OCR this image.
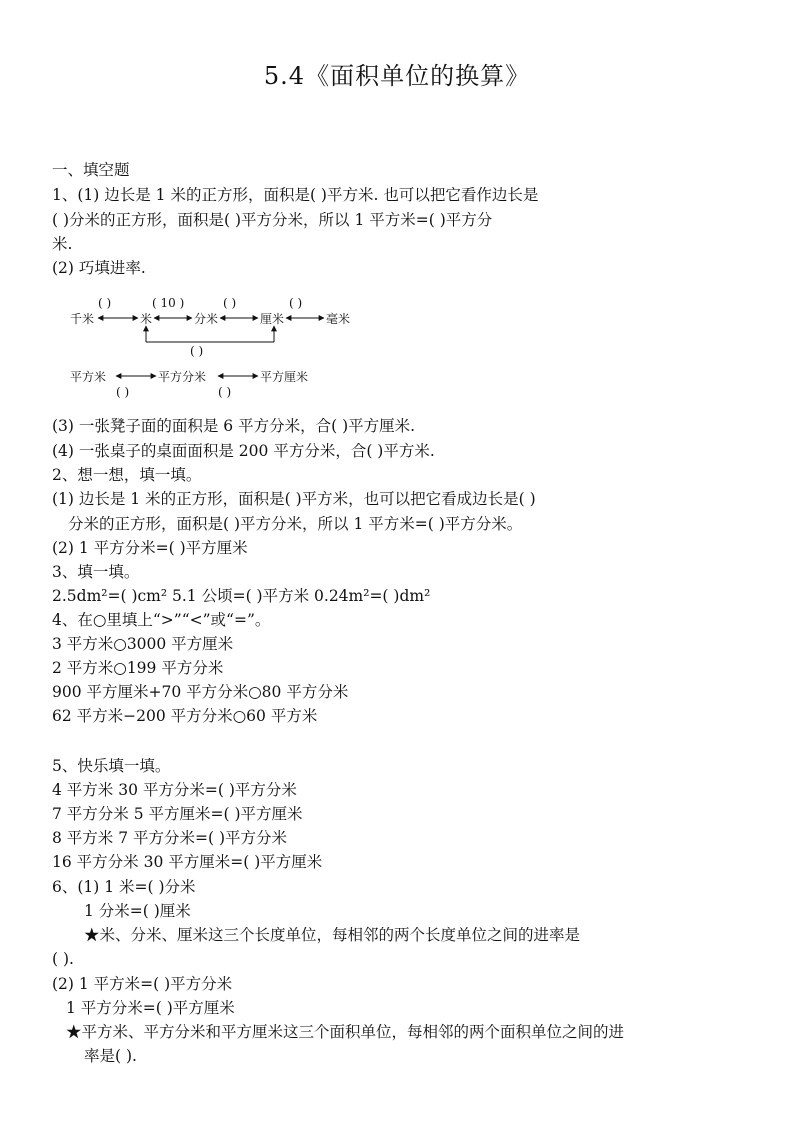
5.4《面积单位的换算》
一、填空题
1、(1) 边长是 1 米的正方形，面积是( )平方米. 也可以把它看作边长是
( )分米的正方形，面积是( )平方分米，所以 1 平方米=( )平方分
米.
(2) 巧填进率.
( )	( 10 )	( )	( )
千米	米	分米	厘米	毫米
( )
平方米	平方分米	平方厘米
( )	( )
(3) 一张凳子面的面积是 6 平方分米，合( )平方厘米.
(4) 一张桌子的桌面面积是 200 平方分米，合( )平方米.
2、想一想，填一填。
(1) 边长是 1 米的正方形，面积是( )平方米，也可以把它看成边长是( )
分米的正方形，面积是( )平方分米，所以 1 平方米=( )平方分米。
(2) 1 平方分米=( )平方厘米
3、填一填。
2.5dm²=( )cm² 5.1 公顷=( )平方米 0.24m²=( )dm²
4、在○里填上“>”“<”或“=”。
3 平方米○3000 平方厘米
2 平方米○199 平方分米
900 平方厘米+70 平方分米○80 平方分米
62 平方米−200 平方分米○60 平方米
5、快乐填一填。
4 平方米 30 平方分米=( )平方分米
7 平方分米 5 平方厘米=( )平方厘米
8 平方米 7 平方分米=( )平方分米
16 平方分米 30 平方厘米=( )平方厘米
6、(1) 1 米=( )分米
1 分米=( )厘米
★米、分米、厘米这三个长度单位，每相邻的两个长度单位之间的进率是
( ).
(2) 1 平方米=( )平方分米
1 平方分米=( )平方厘米
★平方米、平方分米和平方厘米这三个面积单位，每相邻的两个面积单位之间的进
率是( ).
